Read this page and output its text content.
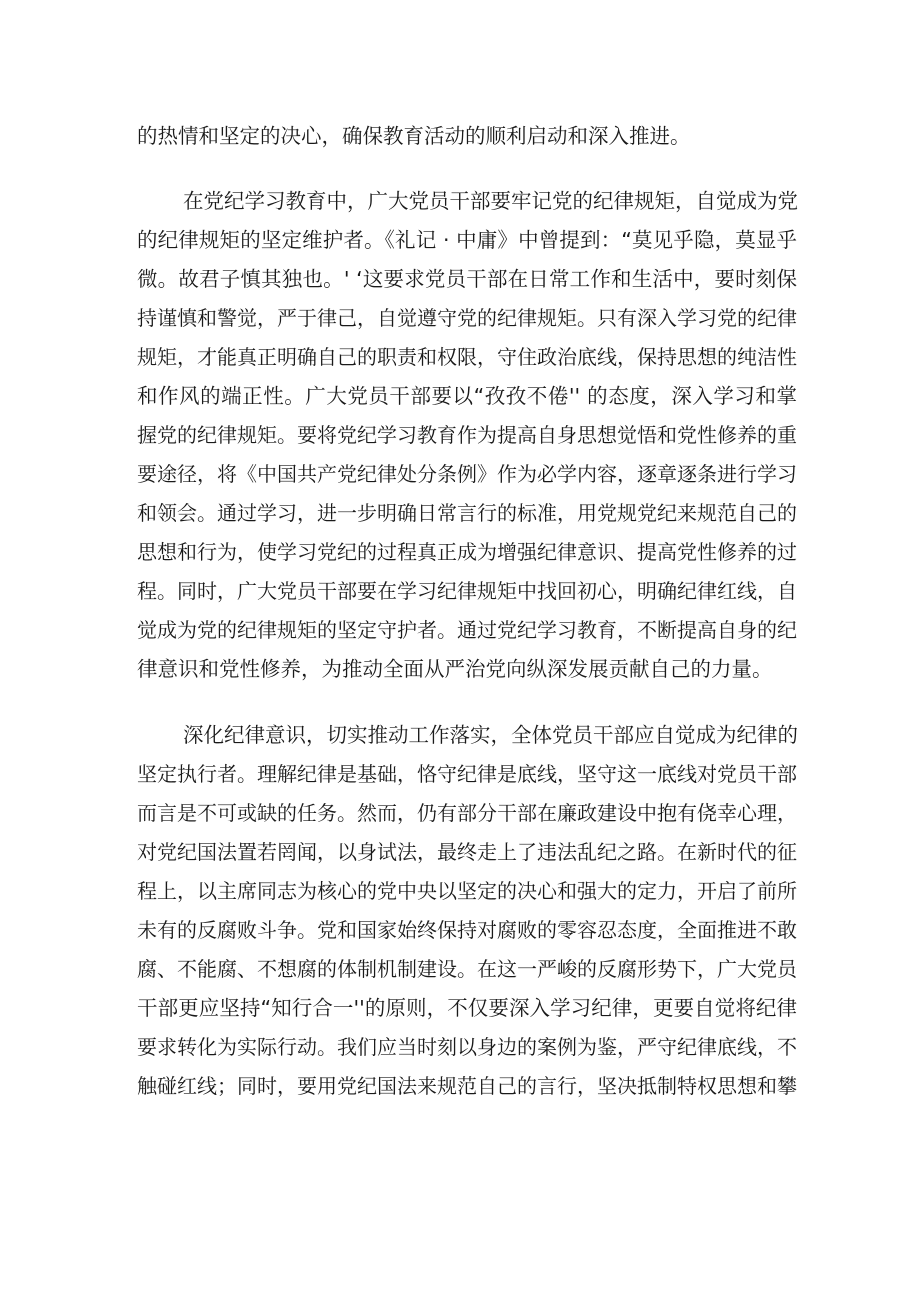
的热情和坚定的决心，确保教育活动的顺利启动和深入推进。
在党纪学习教育中，广大党员干部要牢记党的纪律规矩，自觉成为党
的纪律规矩的坚定维护者。《礼记 · 中庸》中曾提到：“莫见乎隐，莫显乎
微。故君子慎其独也。' ‘这要求党员干部在日常工作和生活中，要时刻保
持谨慎和警觉，严于律己，自觉遵守党的纪律规矩。只有深入学习党的纪律
规矩，才能真正明确自己的职责和权限，守住政治底线，保持思想的纯洁性
和作风的端正性。广大党员干部要以“孜孜不倦'' 的态度，深入学习和掌
握党的纪律规矩。要将党纪学习教育作为提高自身思想觉悟和党性修养的重
要途径，将《中国共产党纪律处分条例》作为必学内容，逐章逐条进行学习
和领会。通过学习，进一步明确日常言行的标准，用党规党纪来规范自己的
思想和行为，使学习党纪的过程真正成为增强纪律意识、提高党性修养的过
程。同时，广大党员干部要在学习纪律规矩中找回初心，明确纪律红线，自
觉成为党的纪律规矩的坚定守护者。通过党纪学习教育，不断提高自身的纪
律意识和党性修养，为推动全面从严治党向纵深发展贡献自己的力量。
深化纪律意识，切实推动工作落实，全体党员干部应自觉成为纪律的
坚定执行者。理解纪律是基础，恪守纪律是底线，坚守这一底线对党员干部
而言是不可或缺的任务。然而，仍有部分干部在廉政建设中抱有侥幸心理，
对党纪国法置若罔闻，以身试法，最终走上了违法乱纪之路。在新时代的征
程上，以主席同志为核心的党中央以坚定的决心和强大的定力，开启了前所
未有的反腐败斗争。党和国家始终保持对腐败的零容忍态度，全面推进不敢
腐、不能腐、不想腐的体制机制建设。在这一严峻的反腐形势下，广大党员
干部更应坚持“知行合一''的原则，不仅要深入学习纪律，更要自觉将纪律
要求转化为实际行动。我们应当时刻以身边的案例为鉴，严守纪律底线，不
触碰红线；同时，要用党纪国法来规范自己的言行，坚决抵制特权思想和攀
